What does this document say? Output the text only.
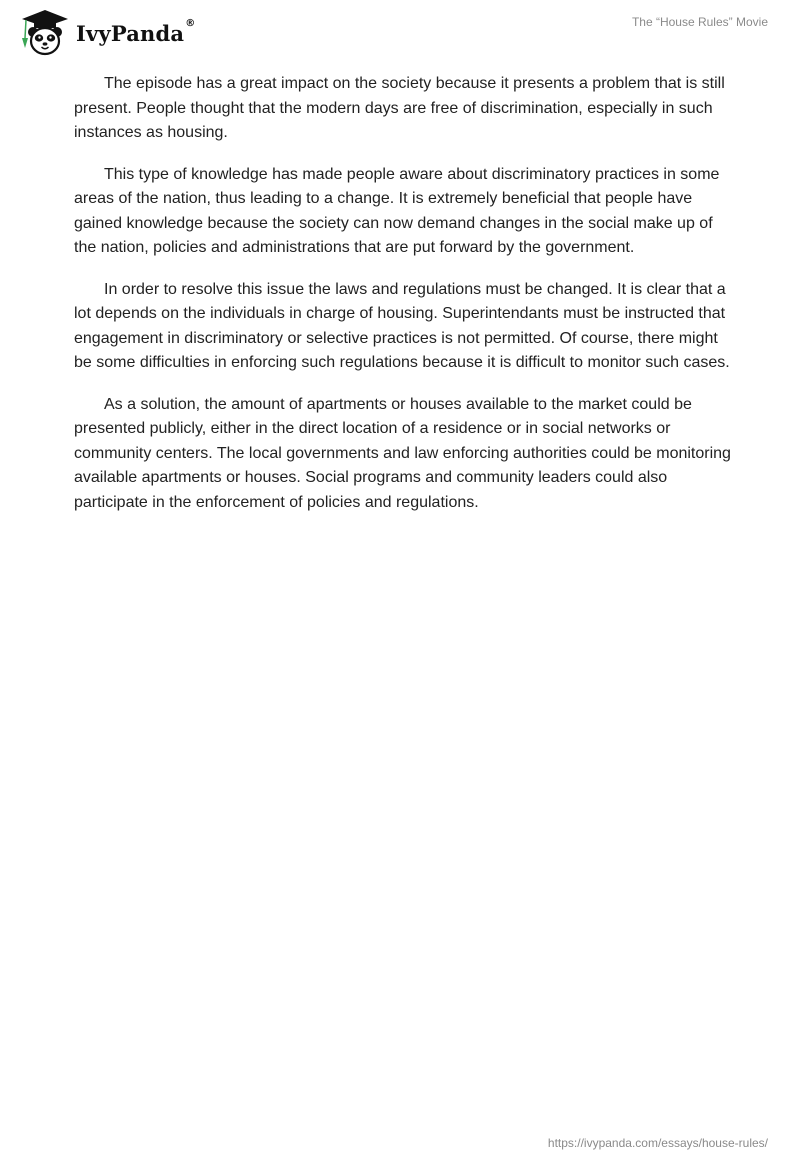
IvyPanda®	The “House Rules” Movie

The episode has a great impact on the society because it presents a problem that is still present. People thought that the modern days are free of discrimination, especially in such instances as housing.

This type of knowledge has made people aware about discriminatory practices in some areas of the nation, thus leading to a change. It is extremely beneficial that people have gained knowledge because the society can now demand changes in the social make up of the nation, policies and administrations that are put forward by the government.

In order to resolve this issue the laws and regulations must be changed. It is clear that a lot depends on the individuals in charge of housing. Superintendants must be instructed that engagement in discriminatory or selective practices is not permitted. Of course, there might be some difficulties in enforcing such regulations because it is difficult to monitor such cases.

As a solution, the amount of apartments or houses available to the market could be presented publicly, either in the direct location of a residence or in social networks or community centers. The local governments and law enforcing authorities could be monitoring available apartments or houses. Social programs and community leaders could also participate in the enforcement of policies and regulations.

https://ivypanda.com/essays/house-rules/
